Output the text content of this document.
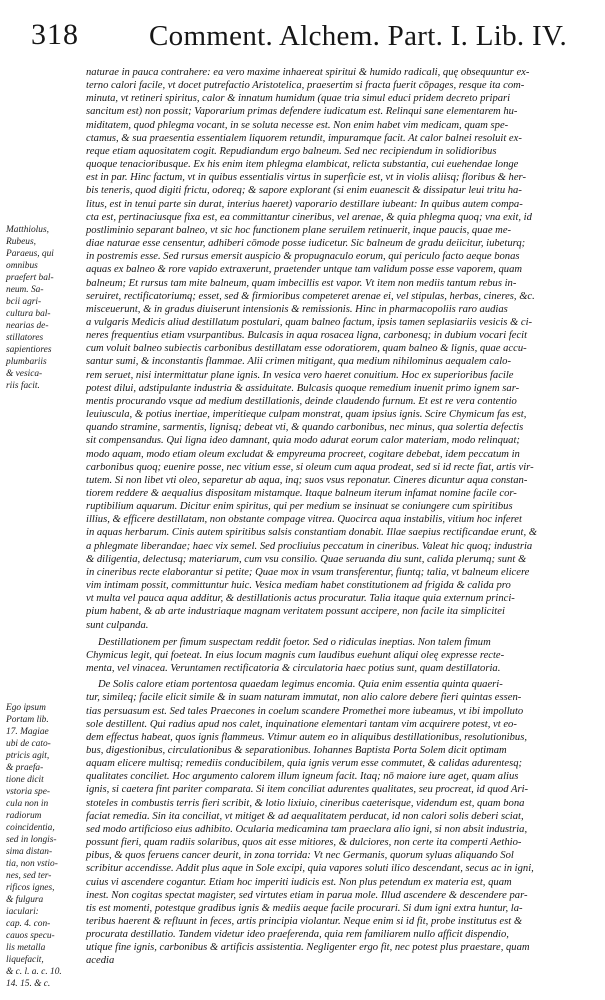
318 Comment. Alchem. Part. I. Lib. IV.
Matthiolus,
Rubeus,
Paraeus, qui
omnibus
praefert bal-
neum. Sa-
bcii agri-
cultura bal-
nearias de-
stillatores
sapientiores
plumbariis
& vesica-
riis facit.
Ego ipsum
Portam lib.
17. Magiae
ubi de cato-
ptricis agit,
& praefa-
tione dicit
vstoria spe-
cula non in
radiorum
coincidentia,
sed in longis-
sima distan-
tia, non vstio-
nes, sed ter-
rificos ignes,
& fulgura
iaculari:
cap. 4. con-
cauos specu-
lis metalla
liquefacit,
& c. l. a. c. 10.
14. 15. & c.

naturae in pauca contrahere: ea vero maxime inhaereat spiritui & humido radicali, quę obsequuntur ex-
terno calori facile, vt docet putrefactio Aristotelica, praesertim si fracta fuerit cōpages, resque ita com-
minuta, vt retineri spiritus, calor & innatum humidum (quae tria simul educi pridem decreto pripari
sancitum est) non possit; Vaporarium primas defendere iudicatum est. Relinqui sane elementarem hu-
miditatem, quod phlegma vocant, in se soluta necesse est. Non enim habet vim medicam, quam spe-
ctamus, & sua praesentia essentialem liquorem retundit, impuramque facit. At calor balnei resoluit ex-
reque etiam aquositatem cogit. Repudiandum ergo balneum. Sed nec recipiendum in solidioribus
quoque tenacioribusque. Ex his enim item phlegma elambicat, relicta substantia, cui euehendae longe
est in par. Hinc factum, vt in quibus essentialis virtus in superficie est, vt in violis aliisq; floribus & her-
bis teneris, quod digiti frictu, odoreq; & sapore explorant (si enim euanescit & dissipatur leui tritu ha-
litus, est in tenui parte sin durat, interius haeret) vaporario destillare iubeant: In quibus autem compa-
cta est, pertinaciusque fixa est, ea committantur cineribus, vel arenae, & quia phlegma quoq; vna exit, id
postliminio separant balneo, vt sic hoc functionem plane seruilem retinuerit, inque paucis, quae me-
diae naturae esse censentur, adhiberi cōmode posse iudicetur. Sic balneum de gradu deiicitur, iubeturq;
in postremis esse. Sed rursus emersit auspicio & propugnaculo eorum, qui periculo facto aeque bonas
aquas ex balneo & rore vapido extraxerunt, praetender untque tam validum posse esse vaporem, quam
balneum; Et rursus tam mite balneum, quam imbecillis est vapor. Vt item non mediis tantum rebus in-
seruiret, rectificatoriumq; esset, sed & firmioribus competeret arenae ei, vel stipulas, herbas, cineres, &c.
misceuerunt, & in gradus diuiserunt intensionis & remissionis. Hinc in pharmacopoliis raro audias
a vulgaris Medicis aliud destillatum postulari, quam balneo factum, ipsis tamen seplasiariis vesicis & ci-
neres frequentius etiam vsurpantibus. Bulcasis in aqua rosacea ligna, carbonesq; in dubium vocari fecit
cum voluit balneo subiectis carbonibus destillatam esse odoratiorem, quam balneo & lignis, quae accu-
santur sumi, & inconstantis flammae. Alii crimen mitigant, qua medium nihilominus aequalem calo-
rem seruet, nisi intermittatur plane ignis. In vesica vero haeret conuitium. Hoc ex superioribus facile
potest dilui, adstipulante industria & assiduitate. Bulcasis quoque remedium inuenit primo ignem sar-
mentis procurando vsque ad medium destillationis, deinde claudendo furnum. Et est re vera contentio
leuiuscula, & potius inertiae, imperitieque culpam monstrat, quam ipsius ignis. Scire Chymicum fas est,
quando stramine, sarmentis, lignisq; debeat vti, & quando carbonibus, nec minus, qua solertia defectis
sit compensandus. Qui ligna ideo damnant, quia modo adurat eorum calor materiam, modo relinquat;
modo aquam, modo etiam oleum excludat & empyreuma procreet, cogitare debebat, idem peccatum in
carbonibus quoq; euenire posse, nec vitium esse, si oleum cum aqua prodeat, sed si id recte fiat, artis vir-
tutem. Si non libet vti oleo, separetur ab aqua, inq; suos vsus reponatur. Cineres dicuntur aqua constan-
tiorem reddere & aequalius dispositam mistamque. Itaque balneum iterum infamat nomine facile cor-
ruptibilium aquarum. Dicitur enim spiritus, qui per medium se insinuat se coniungere cum spiritibus
illius, & efficere destillatam, non obstante compage vitrea. Quocirca aqua instabilis, vitium hoc inferet
in aquas herbarum. Cinis autem spiritibus salsis constantiam donabit. Illae saepius rectificandae erunt, &
a phlegmate liberandae; haec vix semel. Sed procliuius peccatum in cineribus. Valeat hic quoq; industria
& diligentia, delectusq; materiarum, cum vsu consilio. Quae seruanda diu sunt, calida plerumq; sunt &
in cineribus recte elaborantur si petite; Quae mox in vsum transferentur, fiuntq; talia, vt balneum elicere
vim intimam possit, committuntur huic. Vesica mediam habet constitutionem ad frigida & calida pro
vt multa vel pauca aqua additur, & destillationis actus procuratur. Talia itaque quia externum princi-
pium habent, & ab arte industriaque magnam veritatem possunt accipere, non facile ita simplicitei
sunt culpanda.

Destillationem per fimum suspectam reddit foetor. Sed o ridiculas ineptias. Non talem fimum
Chymicus legit, qui foeteat. In eius locum magnis cum laudibus euehunt aliqui oleę expresse recte-
menta, vel vinacea. Veruntamen rectificatoria & circulatoria haec potius sunt, quam destillatoria.

De Solis calore etiam portentosa quaedam legimus encomia. Quia enim essentia quinta quaeri-
tur, simileq; facile elicit simile & in suam naturam immutat, non alio calore debere fieri quintas essen-
tias persuasum est. Sed tales Praecones in coelum scandere Promethei more iubeamus, vt ibi impolluto
sole destillent. Qui radius apud nos calet, inquinatione elementari tantam vim acquirere potest, vt eo-
dem effectus habeat, quos ignis flammeus. Vtimur autem eo in aliquibus destillationibus, resolutionibus,
bus, digestionibus, circulationibus & separationibus. Iohannes Baptista Porta Solem dicit optimam
aquam elicere multisq; remediis conducibilem, quia ignis verum esse commutet, & calidas adurentesq;
qualitates conciliet. Hoc argumento calorem illum igneum facit. Itaq; nō maiore iure aget, quam alius
ignis, si caetera fint pariter comparata. Si item conciliat adurentes qualitates, seu procreat, id quod Ari-
stoteles in combustis terris fieri scribit, & lotio lixiuio, cineribus caeterisque, videndum est, quam bona
faciat remedia. Sin ita conciliat, vt mitiget & ad aequalitatem perducat, id non calori solis deberi sciat,
sed modo artificioso eius adhibito. Ocularia medicamina tam praeclara alio igni, si non absit industria,
possunt fieri, quam radiis solaribus, quos ait esse mitiores, & dulciores, non certe ita comperti Aethio-
pibus, & quos feruens cancer deurit, in zona torrida: Vt nec Germanis, quorum syluas aliquando Sol
scribitur accendisse. Addit plus aque in Sole excipi, quia vapores soluti ilico descendant, secus ac in igni,
cuius vi ascendere cogantur. Etiam hoc imperiti iudicis est. Non plus petendum ex materia est, quam
inest. Non cogitas spectat magister, sed virtutes etiam in parua mole. Illud ascendere & descendere par-
tis est momenti, potestque gradibus ignis & mediis aeque facile procurari. Si dum igni extra huntur, la-
teribus haerent & refluunt in feces, artis principia violantur. Neque enim si id fit, probe institutus est &
procurata destillatio. Tandem videtur ideo praeferenda, quia rem familiarem nullo afficit dispendio,
utique fine ignis, carbonibus & artificis assistentia. Negligenter ergo fit, nec potest plus praestare, quam
acedia
